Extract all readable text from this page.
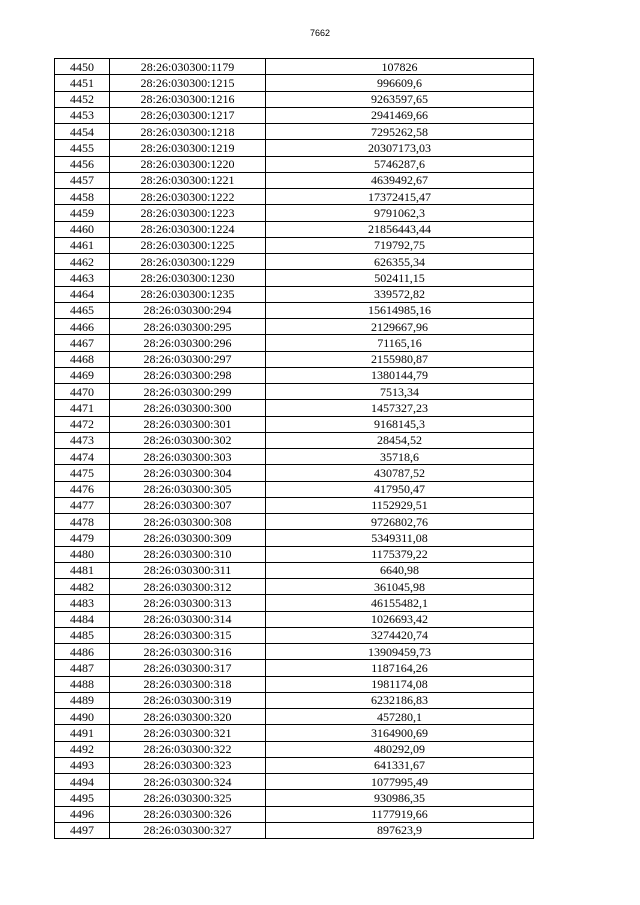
7662
4450	28:26:030300:1179	107826
4451	28:26:030300:1215	996609,6
4452	28:26:030300:1216	9263597,65
4453	28:26;030300:1217	2941469,66
4454	28:26:030300:1218	7295262,58
4455	28:26:030300:1219	20307173,03
4456	28:26:030300:1220	5746287,6
4457	28:26:030300:1221	4639492,67
4458	28:26:030300:1222	17372415,47
4459	28:26:030300:1223	9791062,3
4460	28:26:030300:1224	21856443,44
4461	28:26:030300:1225	719792,75
4462	28:26:030300:1229	626355,34
4463	28:26:030300:1230	502411,15
4464	28:26:030300:1235	339572,82
4465	28:26:030300:294	15614985,16
4466	28:26:030300:295	2129667,96
4467	28:26:030300:296	71165,16
4468	28:26:030300:297	2155980,87
4469	28:26:030300:298	1380144,79
4470	28:26:030300:299	7513,34
4471	28:26:030300:300	1457327,23
4472	28:26:030300:301	9168145,3
4473	28:26:030300:302	28454,52
4474	28:26:030300:303	35718,6
4475	28:26:030300:304	430787,52
4476	28:26:030300:305	417950,47
4477	28:26:030300:307	1152929,51
4478	28:26:030300:308	9726802,76
4479	28:26:030300:309	5349311,08
4480	28:26:030300:310	1175379,22
4481	28:26:030300:311	6640,98
4482	28:26:030300:312	361045,98
4483	28:26:030300:313	46155482,1
4484	28:26:030300:314	1026693,42
4485	28:26:030300:315	3274420,74
4486	28:26:030300:316	13909459,73
4487	28:26:030300:317	1187164,26
4488	28:26:030300:318	1981174,08
4489	28:26:030300:319	6232186,83
4490	28:26:030300:320	457280,1
4491	28:26:030300:321	3164900,69
4492	28:26:030300:322	480292,09
4493	28:26:030300:323	641331,67
4494	28:26:030300:324	1077995,49
4495	28:26:030300:325	930986,35
4496	28:26:030300:326	1177919,66
4497	28:26:030300:327	897623,9
